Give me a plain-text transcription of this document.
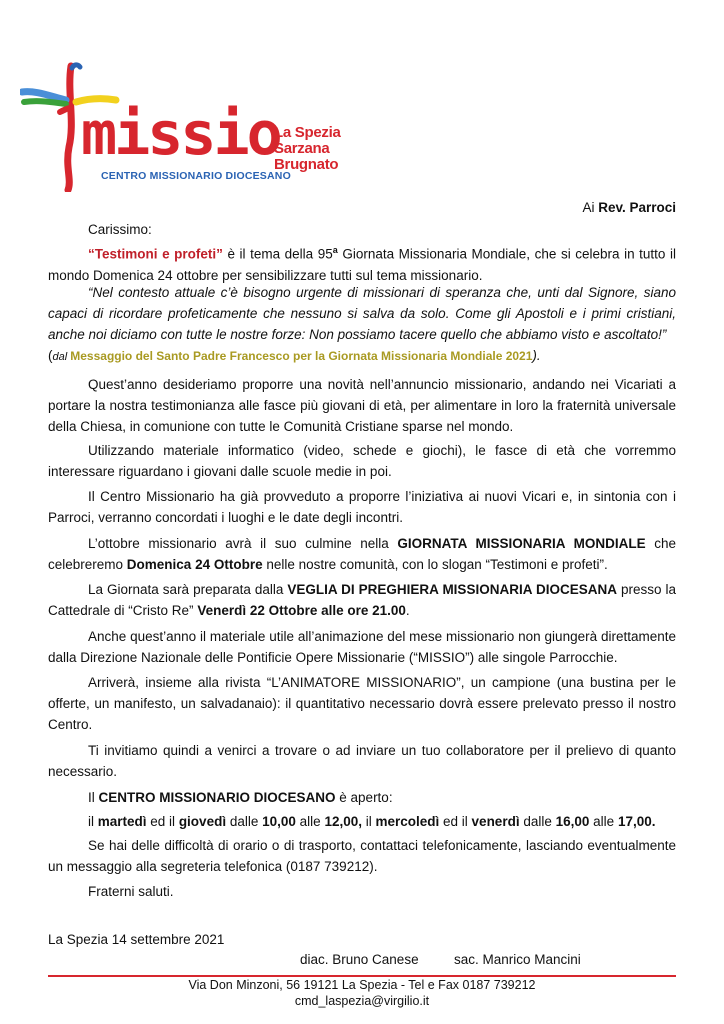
missio
La Spezia
Sarzana
Brugnato
CENTRO MISSIONARIO DIOCESANO
Ai Rev. Parroci

Carissimo:

“Testimoni e profeti” è il tema della 95$^a$ Giornata Missionaria Mondiale, che si celebra in tutto il mondo Domenica 24 ottobre per sensibilizzare tutti sul tema missionario.

“Nel contesto attuale c’è bisogno urgente di missionari di speranza che, unti dal Signore, siano capaci di ricordare profeticamente che nessuno si salva da solo. Come gli Apostoli e i primi cristiani, anche noi diciamo con tutte le nostre forze: Non possiamo tacere quello che abbiamo visto e ascoltato!”

(dal Messaggio del Santo Padre Francesco per la Giornata Missionaria Mondiale 2021).

Quest’anno desideriamo proporre una novità nell’annuncio missionario, andando nei Vicariati a portare la nostra testimonianza alle fasce più giovani di età, per alimentare in loro la fraternità universale della Chiesa, in comunione con tutte le Comunità Cristiane sparse nel mondo.

Utilizzando materiale informatico (video, schede e giochi), le fasce di età che vorremmo interessare riguardano i giovani dalle scuole medie in poi.

Il Centro Missionario ha già provveduto a proporre l’iniziativa ai nuovi Vicari e, in sintonia con i Parroci, verranno concordati i luoghi e le date degli incontri.

L’ottobre missionario avrà il suo culmine nella GIORNATA MISSIONARIA MONDIALE che celebreremo Domenica 24 Ottobre nelle nostre comunità, con lo slogan “Testimoni e profeti”.

La Giornata sarà preparata dalla VEGLIA DI PREGHIERA MISSIONARIA DIOCESANA presso la Cattedrale di “Cristo Re” Venerdì 22 Ottobre alle ore 21.00.

Anche quest’anno il materiale utile all’animazione del mese missionario non giungerà direttamente dalla Direzione Nazionale delle Pontificie Opere Missionarie (“MISSIO”) alle singole Parrocchie.

Arriverà, insieme alla rivista “L’ANIMATORE MISSIONARIO”, un campione (una bustina per le offerte, un manifesto, un salvadanaio): il quantitativo necessario dovrà essere prelevato presso il nostro Centro.

Ti invitiamo quindi a venirci a trovare o ad inviare un tuo collaboratore per il prelievo di quanto necessario.

Il CENTRO MISSIONARIO DIOCESANO è aperto:

il martedì ed il giovedì dalle 10,00 alle 12,00, il mercoledì ed il venerdì dalle 16,00 alle 17,00.

Se hai delle difficoltà di orario o di trasporto, contattaci telefonicamente, lasciando eventualmente un messaggio alla segreteria telefonica (0187 739212).

Fraterni saluti.

La Spezia 14 settembre 2021

diac. Bruno Canese	sac. Manrico Mancini
Via Don Minzoni, 56 19121 La Spezia - Tel e Fax 0187 739212
cmd_laspezia@virgilio.it
